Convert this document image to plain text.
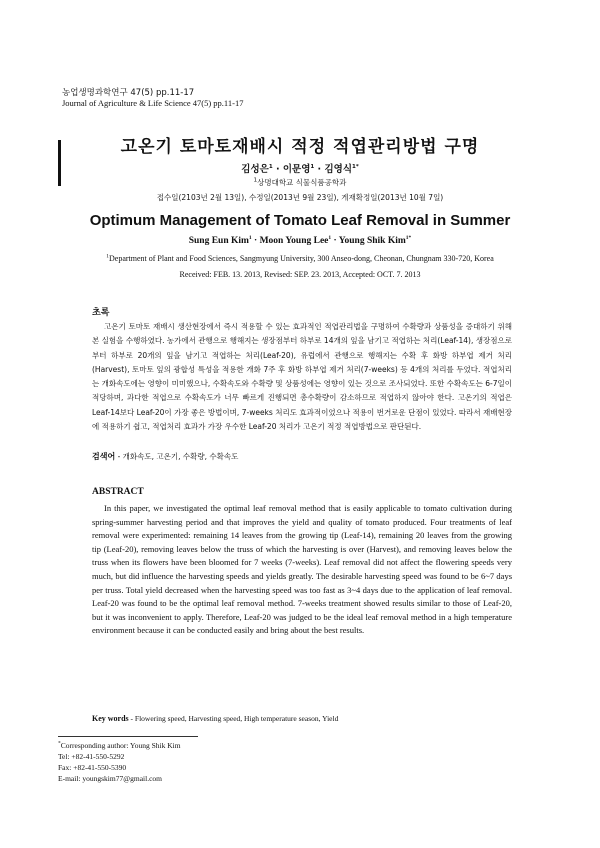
농업생명과학연구 47(5) pp.11-17
Journal of Agriculture & Life Science 47(5) pp.11-17
고온기 토마토재배시 적정 적엽관리방법 구명
김성은$^1$ · 이문영$^1$ · 김영식$^{1*}$
$^1$상명대학교 식물식품공학과
접수일(2103년 2월 13일), 수정일(2013년 9월 23일), 게재확정일(2013년 10월 7일)
Optimum Management of Tomato Leaf Removal in Summer
Sung Eun Kim$^1$ · Moon Young Lee$^1$ · Young Shik Kim$^{1*}$
$^1$Department of Plant and Food Sciences, Sangmyung University, 300 Anseo-dong, Cheonan, Chungnam 330-720, Korea
Received: FEB. 13. 2013, Revised: SEP. 23. 2013, Accepted: OCT. 7. 2013
초록

고온기 토마토 재배시 생산현장에서 즉시 적용할 수 있는 효과적인 적엽관리법을 구명하여 수확량과 상품성을 증대하기 위해 본 실험을 수행하였다. 농가에서 관행으로 행해지는 생장점부터 하부로 14개의 잎을 남기고 적엽하는 처리(Leaf-14), 생장점으로부터 하부로 20개의 잎을 남기고 적엽하는 처리(Leaf-20), 유럽에서 관행으로 행해지는 수확 후 화방 하부엽 제거 처리(Harvest), 토마토 잎의 광합성 특성을 적용한 개화 7주 후 화방 하부엽 제거 처리(7-weeks) 등 4개의 처리를 두었다. 적엽처리는 개화속도에는 영향이 미미했으나, 수확속도와 수확량 및 상품성에는 영향이 있는 것으로 조사되었다. 또한 수확속도는 6-7일이 적당하며, 과다한 적엽으로 수확속도가 너무 빠르게 진행되면 총수확량이 감소하므로 적엽하지 않아야 한다. 고온기의 적엽은 Leaf-14보다 Leaf-20이 가장 좋은 방법이며, 7-weeks 처리도 효과적이었으나 적용이 번거로운 단점이 있었다. 따라서 재배현장에 적용하기 쉽고, 적엽처리 효과가 가장 우수한 Leaf-20 처리가 고온기 적정 적엽방법으로 판단된다.

검색어 - 개화속도, 고온기, 수확량, 수확속도
ABSTRACT

In this paper, we investigated the optimal leaf removal method that is easily applicable to tomato cultivation during spring-summer harvesting period and that improves the yield and quality of tomato produced. Four treatments of leaf removal were experimented: remaining 14 leaves from the growing tip (Leaf-14), remaining 20 leaves from the growing tip (Leaf-20), removing leaves below the truss of which the harvesting is over (Harvest), and removing leaves below the truss when its flowers have been bloomed for 7 weeks (7-weeks). Leaf removal did not affect the flowering speeds very much, but did influence the harvesting speeds and yields greatly. The desirable harvesting speed was found to be 6~7 days per truss. Total yield decreased when the harvesting speed was too fast as 3~4 days due to the application of leaf removal. Leaf-20 was found to be the optimal leaf removal method. 7-weeks treatment showed results similar to those of Leaf-20, but it was inconvenient to apply. Therefore, Leaf-20 was judged to be the ideal leaf removal method in a high temperature environment because it can be conducted easily and bring about the best results.

Key words - Flowering speed, Harvesting speed, High temperature season, Yield
*Corresponding author: Young Shik Kim
Tel: +82-41-550-5292
Fax: +82-41-550-5390
E-mail: youngskim77@gmail.com
